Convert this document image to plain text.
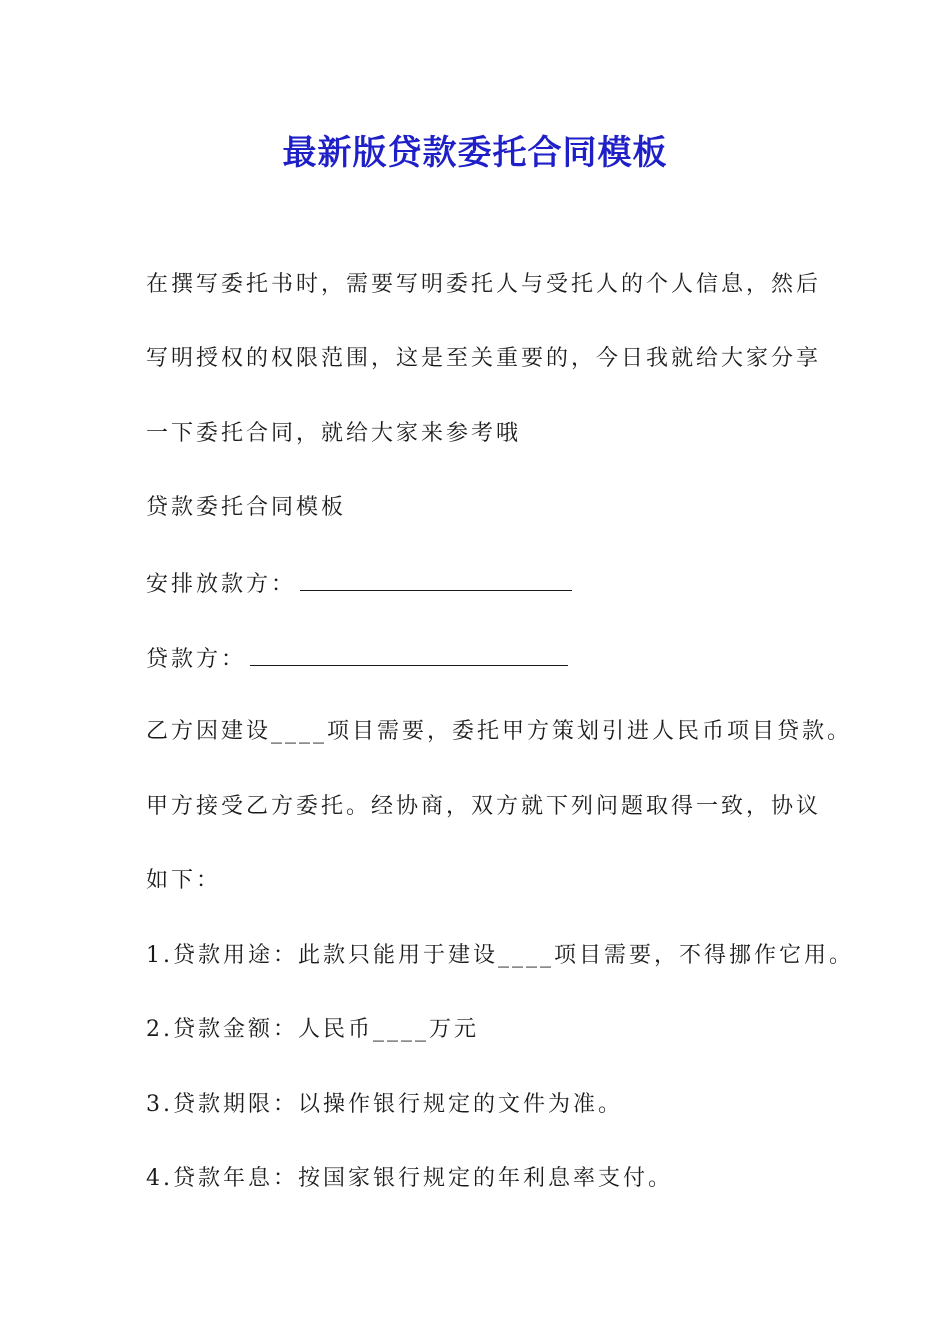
最新版贷款委托合同模板
在撰写委托书时，需要写明委托人与受托人的个人信息，然后
写明授权的权限范围，这是至关重要的，今日我就给大家分享
一下委托合同，就给大家来参考哦
贷款委托合同模板
安排放款方：
贷款方：
乙方因建设____项目需要，委托甲方策划引进人民币项目贷款。
甲方接受乙方委托。经协商，双方就下列问题取得一致，协议
如下：
1.贷款用途：此款只能用于建设____项目需要，不得挪作它用。
2.贷款金额：人民币____万元
3.贷款期限：以操作银行规定的文件为准。
4.贷款年息：按国家银行规定的年利息率支付。
